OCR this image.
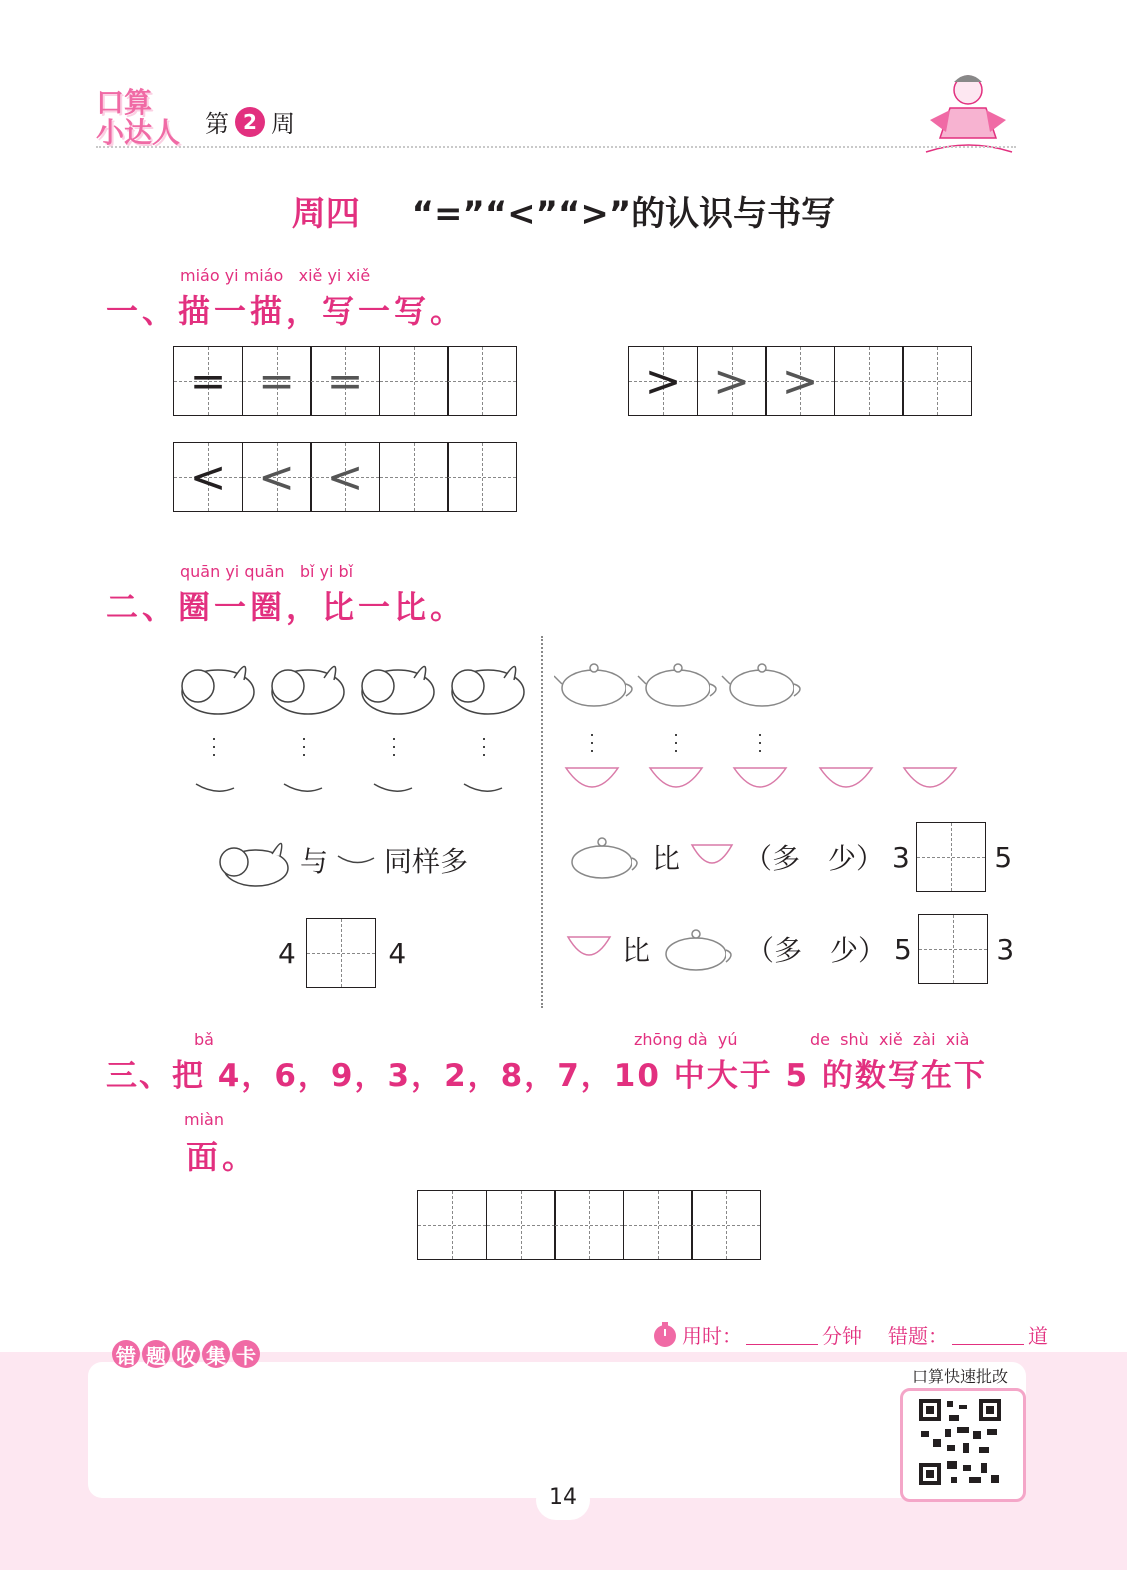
口算
小达人 第 2 周
周四 “=”“<”“>”的认识与书写
miáo yi miáo   xiě yi xiě
一、描一描，写一写。
= = =	> > >
< < <
quān yi quān   bǐ yi bǐ
二、圈一圈，比一比。
与 同样多
4	4
比 （多　少） 3	5
比	（多　少） 5	3
bǎ	zhōng dà  yú	de  shù  xiě  zài  xià
三、 把 4，6，9，3，2，8，7，10 中大于 5 的数写在下
miàn
面。
用时：	分钟 错题：	道
错 题 收 集 卡
口算快速批改
14
